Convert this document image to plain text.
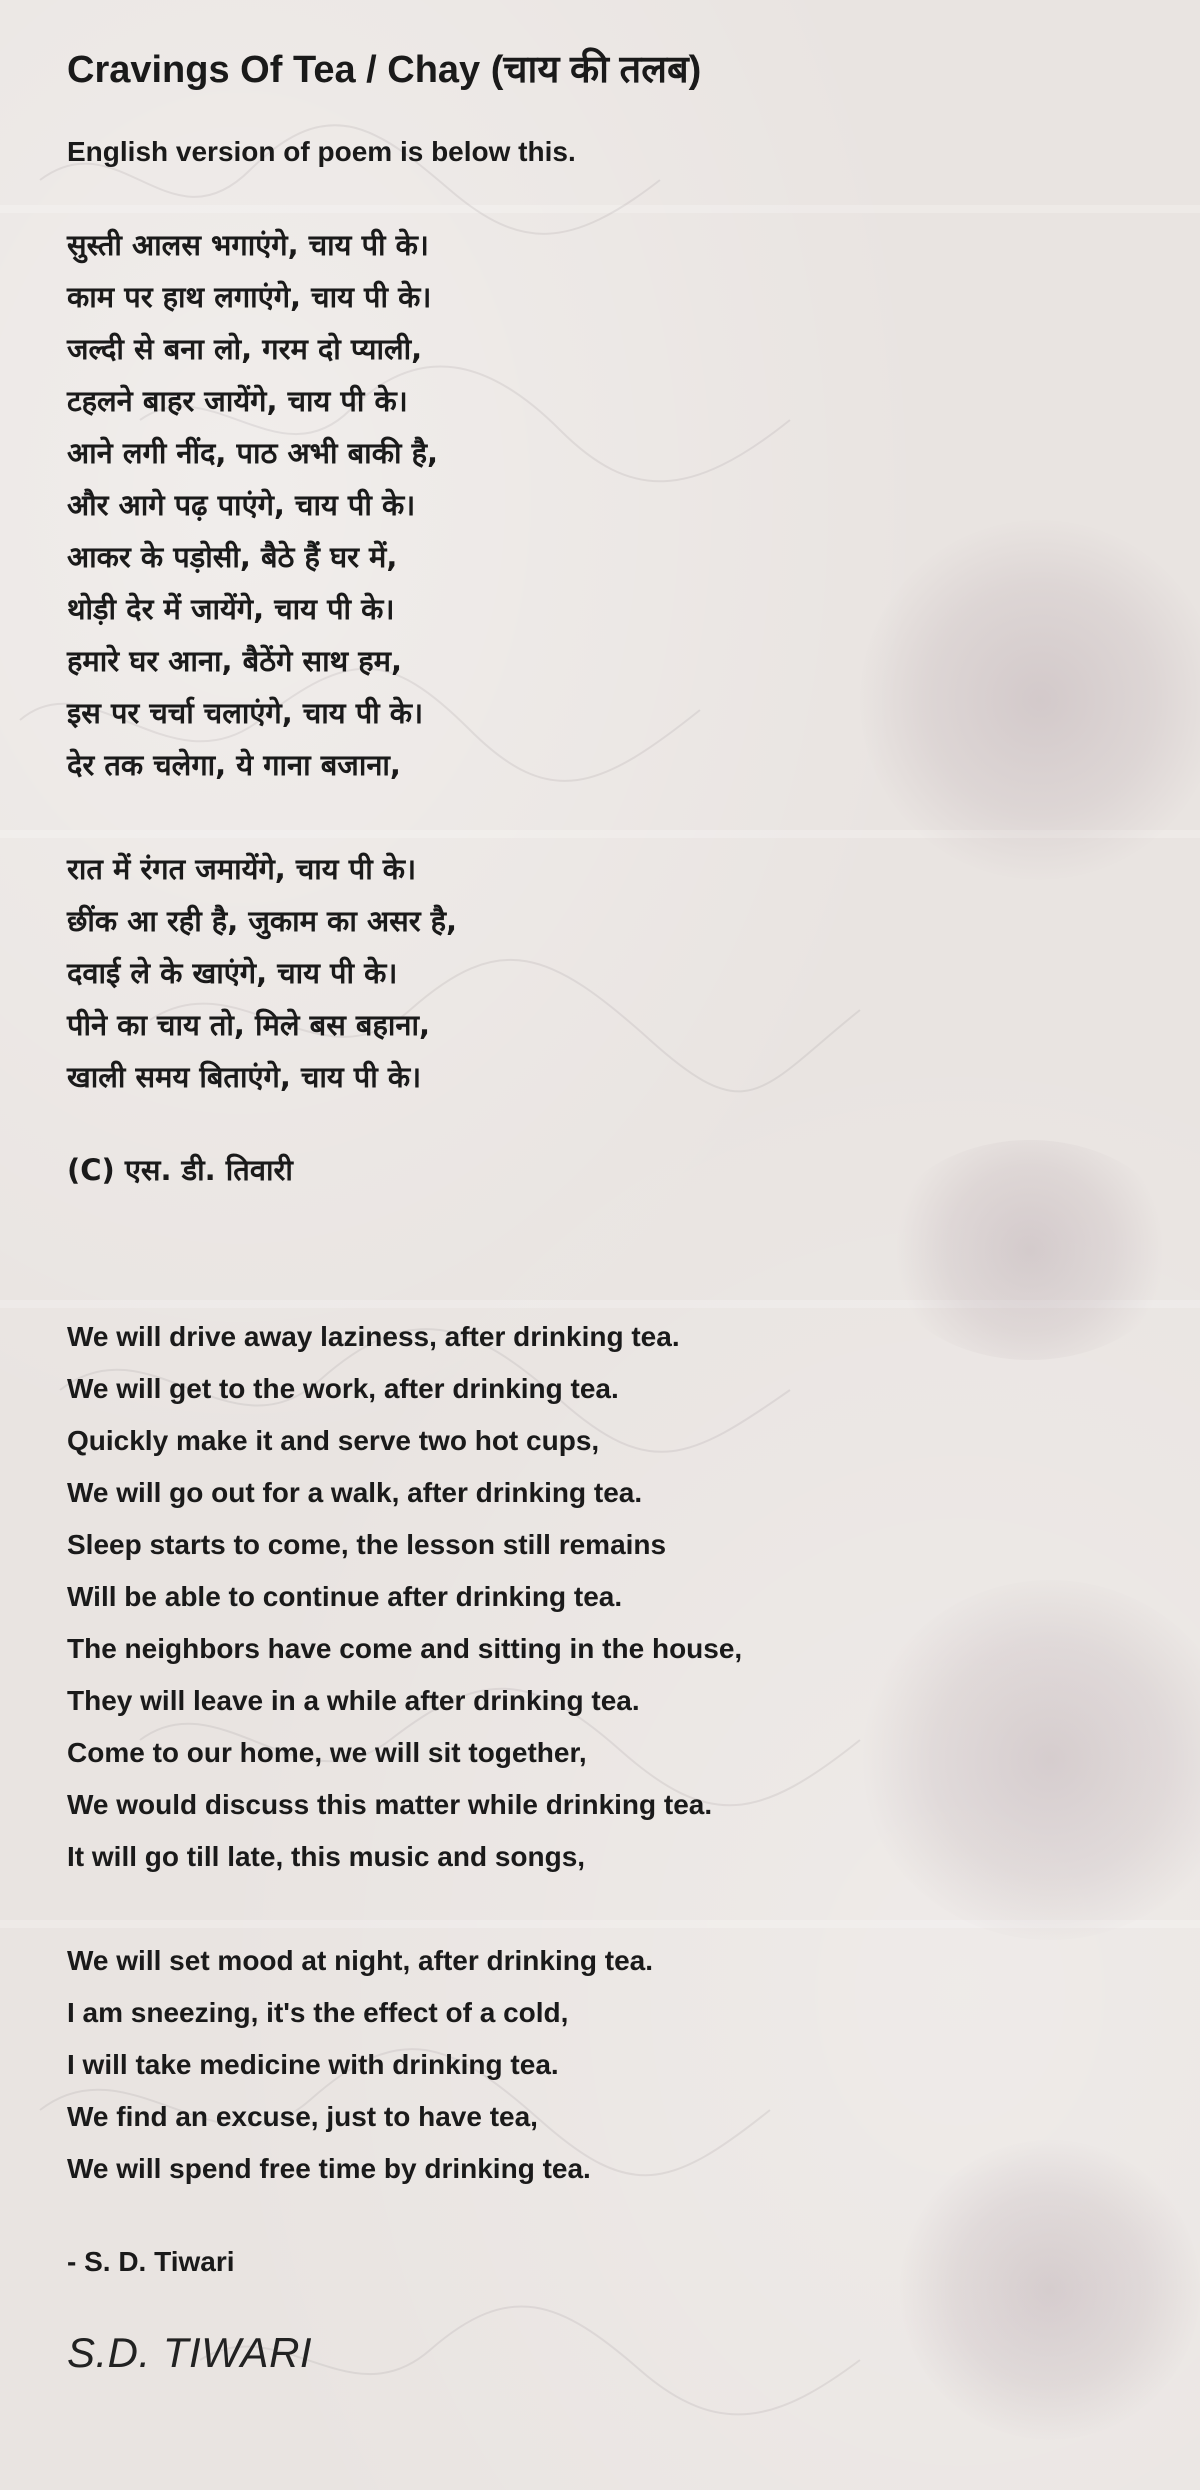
Cravings Of Tea / Chay (चाय की तलब)
English version of poem is below this.
सुस्ती आलस भगाएंगे, चाय पी के।
काम पर हाथ लगाएंगे, चाय पी के।
जल्दी से बना लो, गरम दो प्याली,
टहलने बाहर जायेंगे, चाय पी के।
आने लगी नींद, पाठ अभी बाकी है,
और आगे पढ़ पाएंगे, चाय पी के।
आकर के पड़ोसी, बैठे हैं घर में,
थोड़ी देर में जायेंगे, चाय पी के।
हमारे घर आना, बैठेंगे साथ हम,
इस पर चर्चा चलाएंगे, चाय पी के।
देर तक चलेगा, ये गाना बजाना,
रात में रंगत जमायेंगे, चाय पी के।
छींक आ रही है, जुकाम का असर है,
दवाई ले के खाएंगे, चाय पी के।
पीने का चाय तो, मिले बस बहाना,
खाली समय बिताएंगे, चाय पी के।
(C) एस. डी. तिवारी
We will drive away laziness, after drinking tea.
We will get to the work, after drinking tea.
Quickly make it and serve two hot cups,
We will go out for a walk, after drinking tea.
Sleep starts to come, the lesson still remains
Will be able to continue after drinking tea.
The neighbors have come and sitting in the house,
They will leave in a while after drinking tea.
Come to our home, we will sit together,
We would discuss this matter while drinking tea.
It will go till late, this music and songs,
We will set mood at night, after drinking tea.
I am sneezing, it's the effect of a cold,
I will take medicine with drinking tea.
We find an excuse, just to have tea,
We will spend free time by drinking tea.
- S. D. Tiwari
S.D. TIWARI
